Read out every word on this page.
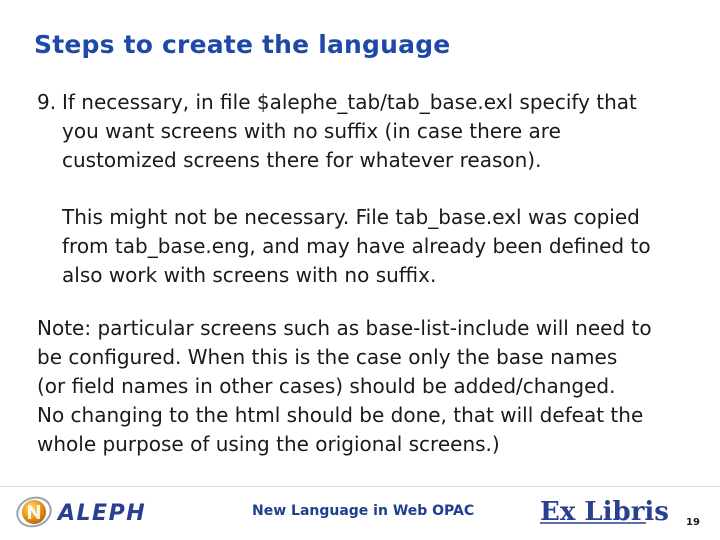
Steps to create the language
9. If necessary, in file $alephe_tab/tab_base.exl specify that
you want screens with no suffix (in case there are
customized screens there for whatever reason).
This might not be necessary. File tab_base.exl was copied
from tab_base.eng, and may have already been defined to
also work with screens with no suffix.
Note: particular screens such as base-list-include will need to
be configured. When this is the case only the base names
(or field names in other cases) should be added/changed.
No changing to the html should be done, that will defeat the
whole purpose of using the origional screens.)
ALEPH	New Language in Web OPAC	Ex Libris 19
